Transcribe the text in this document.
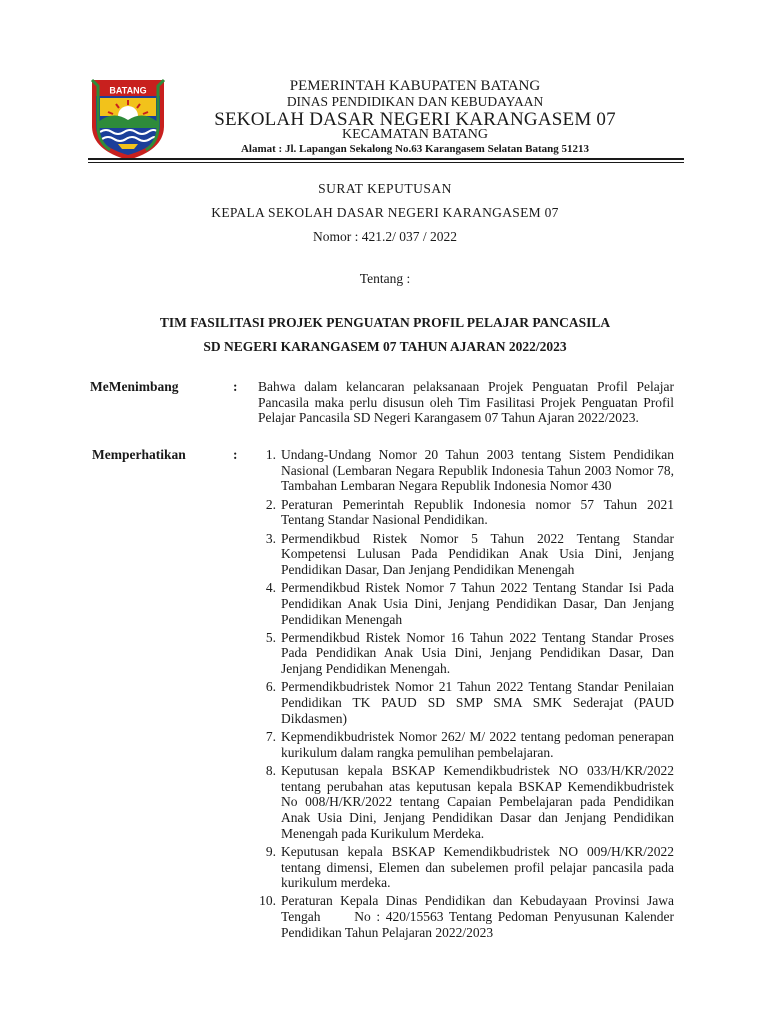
BATANG	PEMERINTAH KABUPATEN BATANG
DINAS PENDIDIKAN DAN KEBUDAYAAN
SEKOLAH DASAR NEGERI KARANGASEM 07
KECAMATAN BATANG
Alamat : Jl. Lapangan Sekalong No.63 Karangasem Selatan Batang 51213
SURAT KEPUTUSAN
KEPALA SEKOLAH DASAR NEGERI KARANGASEM 07
Nomor : 421.2/ 037 / 2022
Tentang :
TIM FASILITASI PROJEK PENGUATAN PROFIL PELAJAR PANCASILA
SD NEGERI KARANGASEM 07 TAHUN AJARAN 2022/2023
MeMenimbang	: Bahwa dalam kelancaran pelaksanaan Projek Penguatan Profil Pelajar Pancasila maka perlu disusun oleh Tim Fasilitasi Projek Penguatan Profil Pelajar Pancasila SD Negeri Karangasem 07 Tahun Ajaran 2022/2023.
Memperhatikan	:	1. Undang-Undang Nomor 20 Tahun 2003 tentang Sistem Pendidikan Nasional (Lembaran Negara Republik Indonesia Tahun 2003 Nomor 78, Tambahan Lembaran Negara Republik Indonesia Nomor 430
2. Peraturan Pemerintah Republik Indonesia nomor 57 Tahun 2021 Tentang Standar Nasional Pendidikan.
3. Permendikbud Ristek Nomor 5 Tahun 2022 Tentang Standar Kompetensi Lulusan Pada Pendidikan Anak Usia Dini, Jenjang Pendidikan Dasar, Dan Jenjang Pendidikan Menengah
4. Permendikbud Ristek Nomor 7 Tahun 2022 Tentang Standar Isi Pada Pendidikan Anak Usia Dini, Jenjang Pendidikan Dasar, Dan Jenjang Pendidikan Menengah
5. Permendikbud Ristek Nomor 16 Tahun 2022 Tentang Standar Proses Pada Pendidikan Anak Usia Dini, Jenjang Pendidikan Dasar, Dan Jenjang Pendidikan Menengah.
6. Permendikbudristek Nomor 21 Tahun 2022 Tentang Standar Penilaian Pendidikan TK PAUD SD SMP SMA SMK Sederajat (PAUD Dikdasmen)
7. Kepmendikbudristek Nomor 262/ M/ 2022 tentang pedoman penerapan kurikulum dalam rangka pemulihan pembelajaran.
8. Keputusan kepala BSKAP Kemendikbudristek NO 033/H/KR/2022 tentang perubahan atas keputusan kepala BSKAP Kemendikbudristek No 008/H/KR/2022 tentang Capaian Pembelajaran pada Pendidikan Anak Usia Dini, Jenjang Pendidikan Dasar dan Jenjang Pendidikan Menengah pada Kurikulum Merdeka.
9. Keputusan kepala BSKAP Kemendikbudristek NO 009/H/KR/2022 tentang dimensi, Elemen dan subelemen profil pelajar pancasila pada kurikulum merdeka.
10. Peraturan Kepala Dinas Pendidikan dan Kebudayaan Provinsi Jawa Tengah      No : 420/15563 Tentang Pedoman Penyusunan Kalender Pendidikan Tahun Pelajaran 2022/2023
